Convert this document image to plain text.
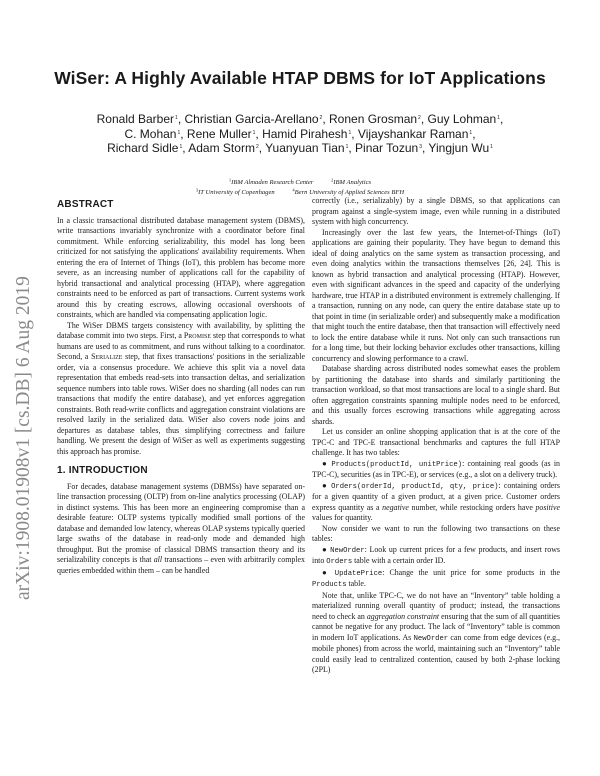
arXiv:1908.01908v1 [cs.DB] 6 Aug 2019
WiSer: A Highly Available HTAP DBMS for IoT Applications
Ronald Barber$^1$, Christian Garcia-Arellano$^2$, Ronen Grosman$^2$, Guy Lohman$^1$,
C. Mohan$^1$, Rene Muller$^1$, Hamid Pirahesh$^1$, Vijayshankar Raman$^1$,
Richard Sidle$^1$, Adam Storm$^2$, Yuanyuan Tian$^1$, Pinar Tozun$^3$, Yingjun Wu$^1$
$^1$IBM Almaden Research Center	$^2$IBM Analytics
$^3$IT University of Copenhagen	$^4$Bern University of Applied Sciences BFH
ABSTRACT

In a classic transactional distributed database management system (DBMS), write transactions invariably synchronize with a coordinator before final commitment. While enforcing serializability, this model has long been criticized for not satisfying the applications' availability requirements. When entering the era of Internet of Things (IoT), this problem has become more severe, as an increasing number of applications call for the capability of hybrid transactional and analytical processing (HTAP), where aggregation constraints need to be enforced as part of transactions. Current systems work around this by creating escrows, allowing occasional overshoots of constraints, which are handled via compensating application logic.

The WiSer DBMS targets consistency with availability, by splitting the database commit into two steps. First, a Promise step that corresponds to what humans are used to as commitment, and runs without talking to a coordinator. Second, a Serialize step, that fixes transactions' positions in the serializable order, via a consensus procedure. We achieve this split via a novel data representation that embeds read-sets into transaction deltas, and serialization sequence numbers into table rows. WiSer does no sharding (all nodes can run transactions that modify the entire database), and yet enforces aggregation constraints. Both read-write conflicts and aggregation constraint violations are resolved lazily in the serialized data. WiSer also covers node joins and departures as database tables, thus simplifying correctness and failure handling. We present the design of WiSer as well as experiments suggesting this approach has promise.

1. INTRODUCTION

For decades, database management systems (DBMSs) have separated on-line transaction processing (OLTP) from on-line analytics processing (OLAP) in distinct systems. This has been more an engineering compromise than a desirable feature: OLTP systems typically modified small portions of the database and demanded low latency, whereas OLAP systems typically queried large swaths of the database in read-only mode and demanded high throughput. But the promise of classical DBMS transaction theory and its serializability concepts is that all transactions – even with arbitrarily complex queries embedded within them – can be handled

correctly (i.e., serializably) by a single DBMS, so that applications can program against a single-system image, even while running in a distributed system with high concurrency.

Increasingly over the last few years, the Internet-of-Things (IoT) applications are gaining their popularity. They have begun to demand this ideal of doing analytics on the same system as transaction processing, and even doing analytics within the transactions themselves [26, 24]. This is known as hybrid transaction and analytical processing (HTAP). However, even with significant advances in the speed and capacity of the underlying hardware, true HTAP in a distributed environment is extremely challenging. If a transaction, running on any node, can query the entire database state up to that point in time (in serializable order) and subsequently make a modification that might touch the entire database, then that transaction will effectively need to lock the entire database while it runs. Not only can such transactions run for a long time, but their locking behavior excludes other transactions, killing concurrency and slowing performance to a crawl.

Database sharding across distributed nodes somewhat eases the problem by partitioning the database into shards and similarly partitioning the transaction workload, so that most transactions are local to a single shard. But often aggregation constraints spanning multiple nodes need to be enforced, and this usually forces escrowing transactions while aggregating across shards.

Let us consider an online shopping application that is at the core of the TPC-C and TPC-E transactional benchmarks and captures the full HTAP challenge. It has two tables:

● Products(productId, unitPrice): containing real goods (as in TPC-C), securities (as in TPC-E), or services (e.g., a slot on a delivery truck).

● Orders(orderId, productId, qty, price): containing orders for a given quantity of a given product, at a given price. Customer orders express quantity as a negative number, while restocking orders have positive values for quantity.

Now consider we want to run the following two transactions on these tables:

● NewOrder: Look up current prices for a few products, and insert rows into Orders table with a certain order ID.

● UpdatePrice: Change the unit price for some products in the Products table.

Note that, unlike TPC-C, we do not have an “Inventory” table holding a materialized running overall quantity of product; instead, the transactions need to check an aggregation constraint ensuring that the sum of all quantities cannot be negative for any product. The lack of “Inventory” table is common in modern IoT applications. As NewOrder can come from edge devices (e.g., mobile phones) from across the world, maintaining such an “Inventory” table could easily lead to centralized contention, caused by both 2-phase locking (2PL)
